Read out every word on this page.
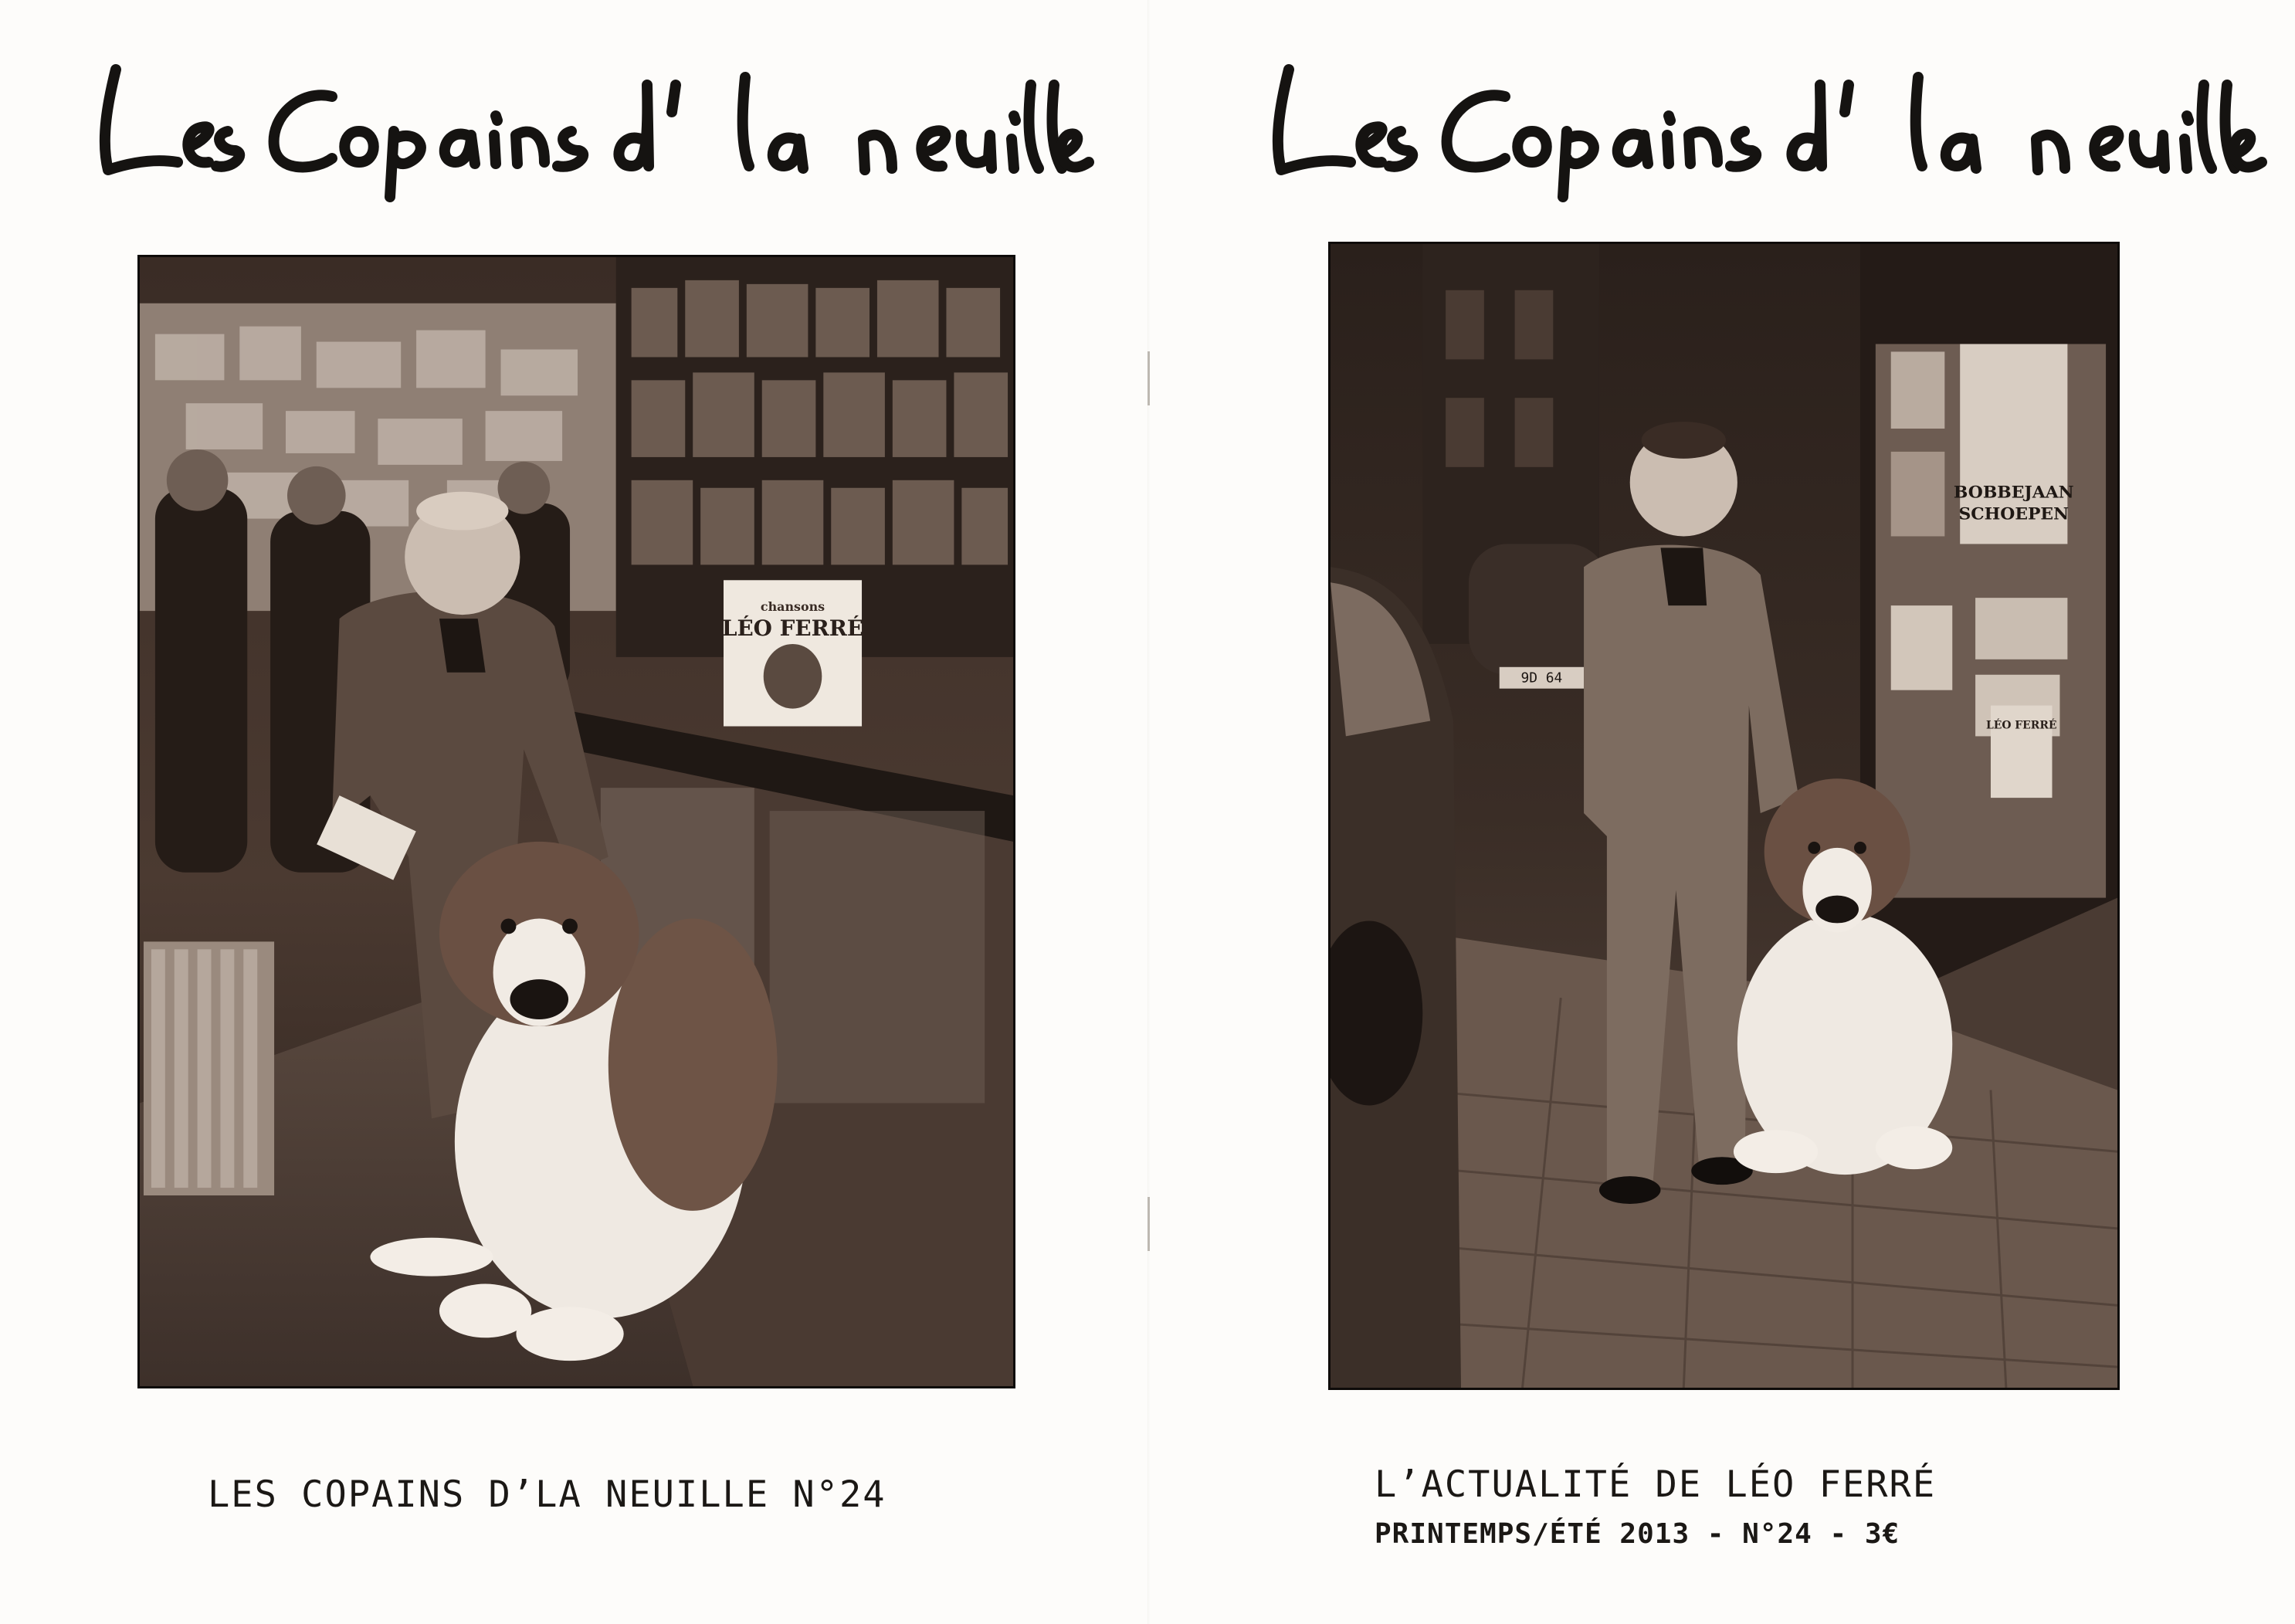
chansons
LÉO FERRÉ
LES COPAINS D’LA NEUILLE N°24
BOBBEJAAN
SCHOEPEN
LÉO FERRÉ
9D 64
L’ACTUALITÉ DE LÉO FERRÉ
PRINTEMPS/ÉTÉ 2013 - N°24 - 3€
